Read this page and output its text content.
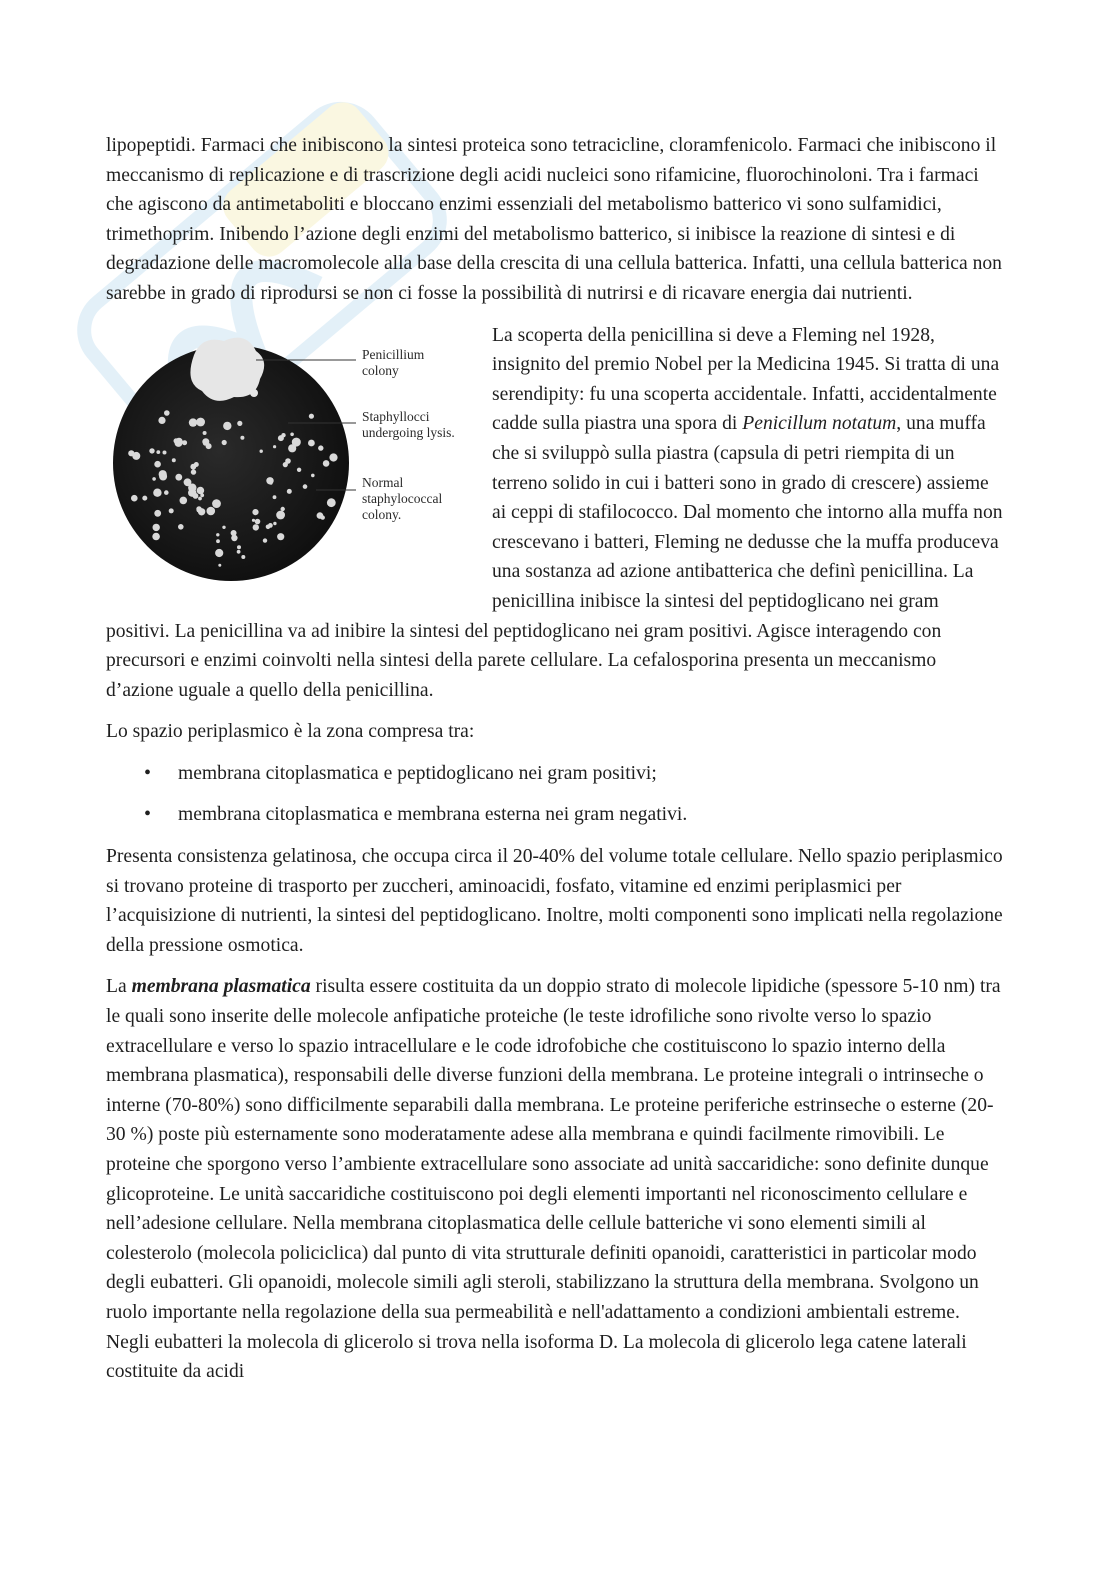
lipopeptidi. Farmaci che inibiscono la sintesi proteica sono tetracicline, cloramfenicolo. Farmaci che inibiscono il meccanismo di replicazione e di trascrizione degli acidi nucleici sono rifamicine, fluorochinoloni. Tra i farmaci che agiscono da antimetaboliti e bloccano enzimi essenziali del metabolismo batterico vi sono sulfamidici, trimethoprim. Inibendo l’azione degli enzimi del metabolismo batterico, si inibisce la reazione di sintesi e di degradazione delle macromolecole alla base della crescita di una cellula batterica. Infatti, una cellula batterica non sarebbe in grado di riprodursi se non ci fosse la possibilità di nutrirsi e di ricavare energia dai nutrienti.

Penicillium
colony
Staphyllocci
undergoing lysis.
Normal
staphylococcal
colony.

La scoperta della penicillina si deve a Fleming nel 1928, insignito del premio Nobel per la Medicina 1945. Si tratta di una serendipity: fu una scoperta accidentale. Infatti, accidentalmente cadde sulla piastra una spora di Penicillum notatum, una muffa che si sviluppò sulla piastra (capsula di petri riempita di un terreno solido in cui i batteri sono in grado di crescere) assieme ai ceppi di stafilococco. Dal momento che intorno alla muffa non crescevano i batteri, Fleming ne dedusse che la muffa produceva una sostanza ad azione antibatterica che definì penicillina. La penicillina inibisce la sintesi del peptidoglicano nei gram positivi. La penicillina va ad inibire la sintesi del peptidoglicano nei gram positivi. Agisce interagendo con precursori e enzimi coinvolti nella sintesi della parete cellulare. La cefalosporina presenta un meccanismo d’azione uguale a quello della penicillina.

Lo spazio periplasmico è la zona compresa tra:

• membrana citoplasmatica e peptidoglicano nei gram positivi;
• membrana citoplasmatica e membrana esterna nei gram negativi.

Presenta consistenza gelatinosa, che occupa circa il 20-40% del volume totale cellulare. Nello spazio periplasmico si trovano proteine di trasporto per zuccheri, aminoacidi, fosfato, vitamine ed enzimi periplasmici per l’acquisizione di nutrienti, la sintesi del peptidoglicano. Inoltre, molti componenti sono implicati nella regolazione della pressione osmotica.

La membrana plasmatica risulta essere costituita da un doppio strato di molecole lipidiche (spessore 5-10 nm) tra le quali sono inserite delle molecole anfipatiche proteiche (le teste idrofiliche sono rivolte verso lo spazio extracellulare e verso lo spazio intracellulare e le code idrofobiche che costituiscono lo spazio interno della membrana plasmatica), responsabili delle diverse funzioni della membrana. Le proteine integrali o intrinseche o interne (70-80%) sono difficilmente separabili dalla membrana. Le proteine periferiche estrinseche o esterne (20-30 %) poste più esternamente sono moderatamente adese alla membrana e quindi facilmente rimovibili. Le proteine che sporgono verso l’ambiente extracellulare sono associate ad unità saccaridiche: sono definite dunque glicoproteine. Le unità saccaridiche costituiscono poi degli elementi importanti nel riconoscimento cellulare e nell’adesione cellulare. Nella membrana citoplasmatica delle cellule batteriche vi sono elementi simili al colesterolo (molecola policiclica) dal punto di vita strutturale definiti opanoidi, caratteristici in particolar modo degli eubatteri. Gli opanoidi, molecole simili agli steroli, stabilizzano la struttura della membrana. Svolgono un ruolo importante nella regolazione della sua permeabilità e nell'adattamento a condizioni ambientali estreme. Negli eubatteri la molecola di glicerolo si trova nella isoforma D. La molecola di glicerolo lega catene laterali costituite da acidi
